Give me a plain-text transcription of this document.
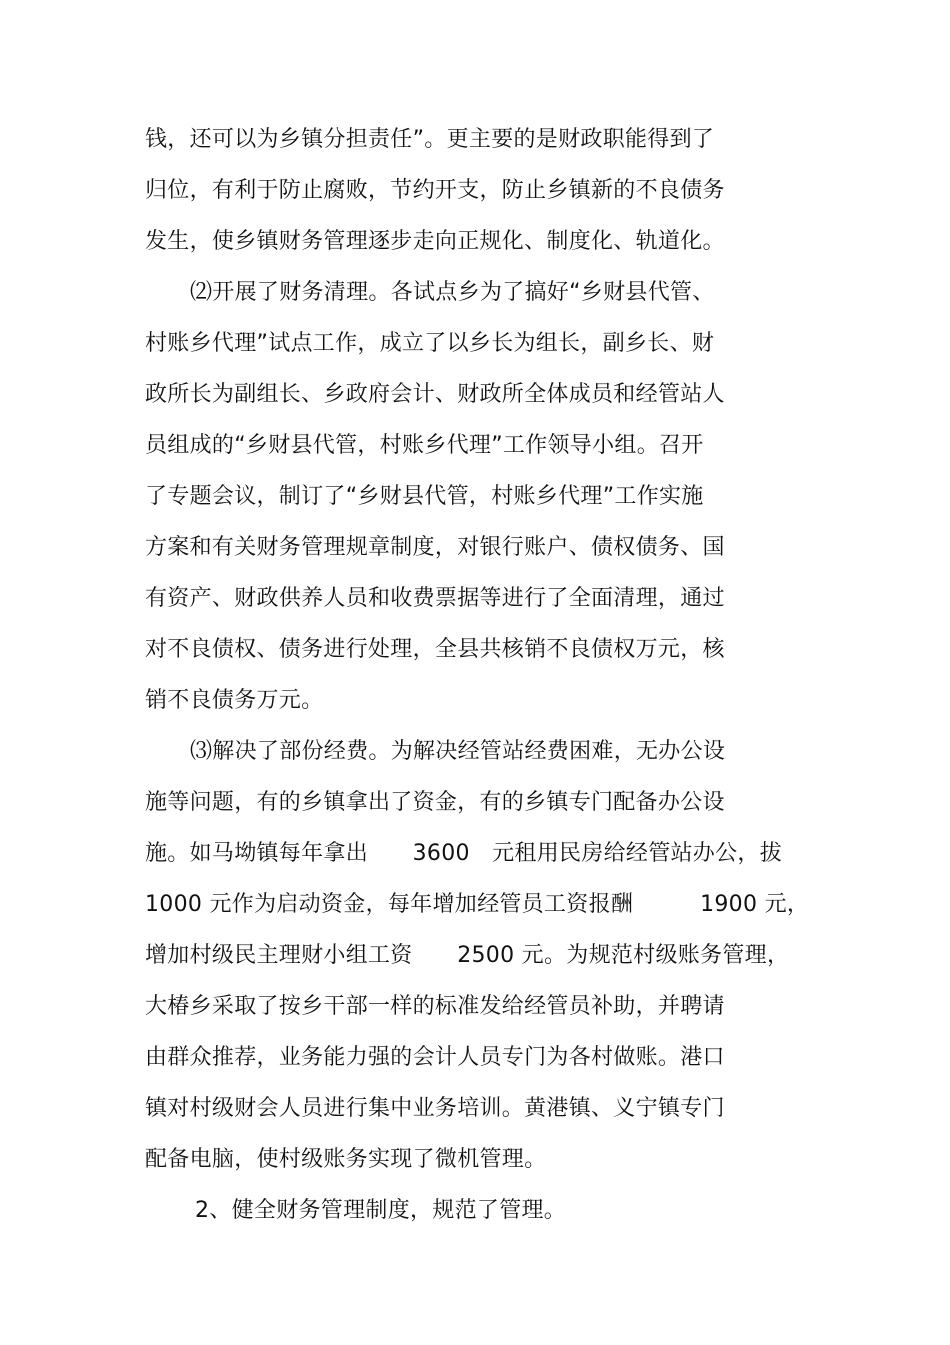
钱，还可以为乡镇分担责任”。更主要的是财政职能得到了
归位，有利于防止腐败，节约开支，防止乡镇新的不良债务
发生，使乡镇财务管理逐步走向正规化、制度化、轨道化。
⑵开展了财务清理。各试点乡为了搞好“乡财县代管、
村账乡代理”试点工作，成立了以乡长为组长，副乡长、财
政所长为副组长、乡政府会计、财政所全体成员和经管站人
员组成的“乡财县代管，村账乡代理”工作领导小组。召开
了专题会议，制订了“乡财县代管，村账乡代理”工作实施
方案和有关财务管理规章制度，对银行账户、债权债务、国
有资产、财政供养人员和收费票据等进行了全面清理，通过
对不良债权、债务进行处理，全县共核销不良债权万元，核
销不良债务万元。
⑶解决了部份经费。为解决经管站经费困难，无办公设
施等问题，有的乡镇拿出了资金，有的乡镇专门配备办公设
施。如马坳镇每年拿出　　3600　元租用民房给经管站办公，拔
1000 元作为启动资金，每年增加经管员工资报酬　　　1900 元，
增加村级民主理财小组工资　　2500 元。为规范村级账务管理，
大椿乡采取了按乡干部一样的标准发给经管员补助，并聘请
由群众推荐，业务能力强的会计人员专门为各村做账。港口
镇对村级财会人员进行集中业务培训。黄港镇、义宁镇专门
配备电脑，使村级账务实现了微机管理。
2、健全财务管理制度，规范了管理。
